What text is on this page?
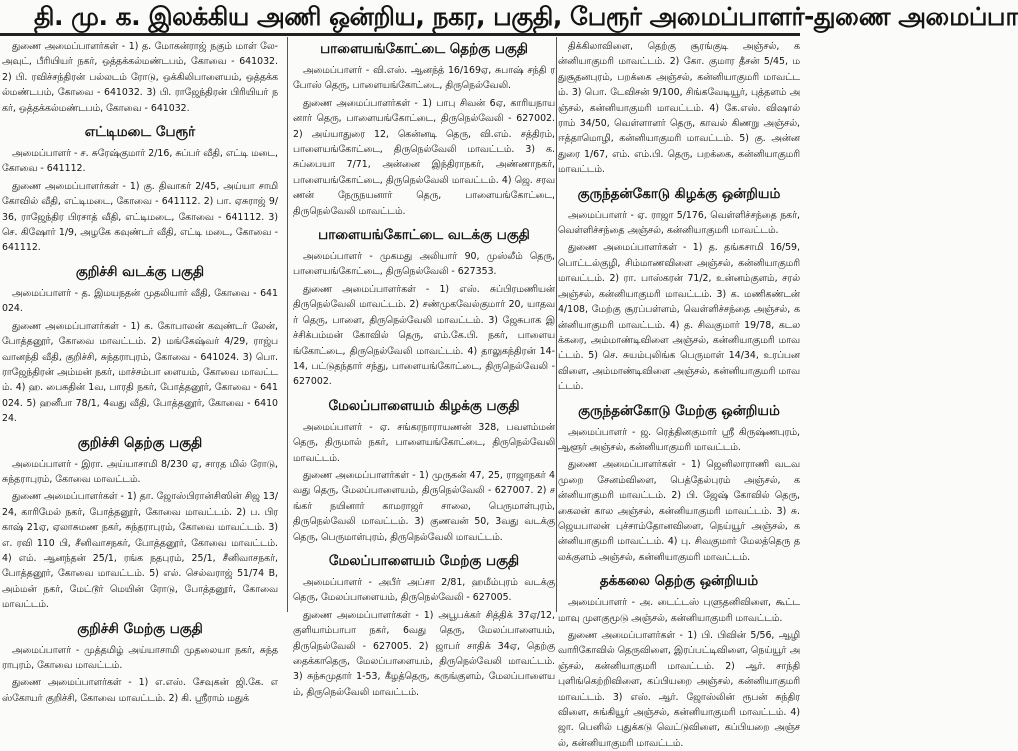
தி. மு. க. இலக்கிய அணி ஒன்றிய, நகர, பகுதி, பேரூர் அமைப்பாளர்-துணை அமைப்பா
துணை அமைப்பாளர்கள் - 1) த. மோகன்ராஜ் நகும் மாள் லே-அவுட், பீரியியர் நகர், ஒத்தக்கல்மண்டபம், கோவை - 641032. 2) பி. ரவிச்சந்திரன் பல்லடம் ரோடு, ஒக்கிலிபாளையம், ஒத்தக்கல்மண்டபம், கோவை - 641032. 3) பி. ராஜேந்திரன் பிரியியர் நகர், ஒத்தக்கல்மண்டபம், கோவை - 641032.
எட்டிமடை பேரூர்
அமைப்பாளர் - ச. சுரேஷ்குமார் 2/16, சுப்பர் வீதி, எட்டி மடை, கோவை - 641112.
துணை அமைப்பாளர்கள் - 1) கு. திவாகர் 2/45, அய்யா சாமி கோவில் வீதி, எட்டிமடை, கோவை - 641112. 2) பா. ஏசுராஜ் 9/36, ராஜேந்திர பிரசாத் வீதி, எட்டிமடை, கோவை - 641112. 3) செ. கிஷோர் 1/9, அழகே கவுண்டர் வீதி, எட்டி மடை, கோவை - 641112.
குறிச்சி வடக்கு பகுதி
அமைப்பாளர் - த. இமயநதன் முதலியார் வீதி, கோவை - 641024.
துணை அமைப்பாளர்கள் - 1) க. கோபாலன் கவுண்டர் லேன், போத்தனூர், கோவை மாவட்டம். 2) மங்கேஷ்வர் 4/29, ராஜ்பவானந்தி வீதி, குறிச்சி, சுந்தராபுரம், கோவை - 641024. 3) பொ. ராஜேந்திரன் அம்மன் நகர், மாச்சம்பா ளையம், கோவை மாவட்டம். 4) ஹ. பைசுதின் 1வ, பாரதி நகர், போத்தனூர், கோவை - 641024. 5) ஹனீபா 78/1, 4வது வீதி, போத்தனூர், கோவை - 641024.
குறிச்சி தெற்கு பகுதி
அமைப்பாளர் - இரா. அய்யாசாமி 8/230 ஏ, சாரத மில் ரோடு, சுந்தராபுரம், கோவை மாவட்டம்.
துணை அமைப்பாளர்கள் - 1) தா. ஜோஸ்பிரான்சிஸின் சிஜ 13/24, காரிமேல் நகர், போத்தனூர், கோவை மாவட்டம். 2) ப. பிரகாஷ் 21ஏ, ஏலாசுமண நகர், சுந்தராபுரம், கோவை மாவட்டம். 3) எ. ரவி 110 பி, சீனிவாசநகர், போத்தனூர், கோவை மாவட்டம். 4) எம். ஆனந்தன் 25/1, ரங்க நதபுரம், 25/1, சீனிவாசநகர், போத்தனூர், கோவை மாவட்டம். 5) எல். செல்வராஜ் 51/74 B, அம்மன் நகர், மேட்டூர் மெயின் ரோடு, போத்தனூர், கோவை மாவட்டம்.
குறிச்சி மேற்கு பகுதி
அமைப்பாளர் - முத்தமிழ் அய்யாசாமி முதலையா நகர், சுந்தராபுரம், கோவை மாவட்டம்.
துணை அமைப்பாளர்கள் - 1) எ.எஸ். சேவுகன் ஜி.கே. எஸ்கோயர் குறிச்சி, கோவை மாவட்டம். 2) கி. ஸ்ரீராம் மதுக்
பாளையங்கோட்டை தெற்கு பகுதி
அமைப்பாளர் - வி.எஸ். ஆனந்த் 16/169ஏ, சுபாஷ் சந்தி ரபோஸ் தெரு, பாளையங்கோட்டை, திருநெல்வேலி.
துணை அமைப்பாளர்கள் - 1) பாபு சிவன் 6ஏ, காரியநாயனார் தெரு, பாளையங்கோட்டை, திருநெல்வேலி - 627002. 2) அய்யாதுரை 12, கென்னடி தெரு, வி.எம். சத்திரம், பாளையங்கோட்டை, திருநெல்வேலி மாவட்டம். 3) க. சுப்பையா 7/71, அன்னை இந்திராநகர், அண்ணாநகர், பாளையங்கோட்டை, திருநெல்வேலி மாவட்டம். 4) ஜெ. சரவணன் நேருநயனார் தெரு, பாளையங்கோட்டை, திருநெல்வேலி மாவட்டம்.
பாளையங்கோட்டை வடக்கு பகுதி
அமைப்பாளர் - முகமது அலியார் 90, முஸ்லீம் தெரு, பாளையங்கோட்டை, திருநெல்வேலி - 627353.
துணை அமைப்பாளர்கள் - 1) எஸ். சுப்பிரமணியன் திருநெல்வேலி மாவட்டம். 2) சண்முகவேல்குமார் 20, யாதவர் தெரு, பாளை, திருநெல்வேலி மாவட்டம். 3) ஜேசுபாக இச்சிக்பம்மன் கோவில் தெரு, எம்.கே.பி. நகர், பாளையங்கோட்டை, திருநெல்வேலி மாவட்டம். 4) தாலுகந்திரன் 14-14, பட்டுதந்தார் சந்து, பாளையங்கோட்டை, திருநெல்வேலி - 627002.
மேலப்பாளையம் கிழக்கு பகுதி
அமைப்பாளர் - ஏ. சங்கரநாராயணன் 328, பவளம்மன் தெரு, திருமால் நகர், பாளையங்கோட்டை, திருநெல்வேலி மாவட்டம்.
துணை அமைப்பாளர்கள் - 1) முருகன் 47, 25, ராஜாநகர் 4வது தெரு, மேலப்பாளையம், திருநெல்வேலி - 627007. 2) சங்கர் நயினார் காமராஜர் சாலை, பெருமாள்புரம், திருநெல்வேலி மாவட்டம். 3) குணவன் 50, 3வது வடக்கு தெரு, பெருமாள்புரம், திருநெல்வேலி மாவட்டம்.
மேலப்பாளையம் மேற்கு பகுதி
அமைப்பாளர் - அபீர் அப்சா 2/81, ஹமீம்புரம் வடக்கு தெரு, மேலப்பாளையம், திருநெல்வேலி - 627005.
துணை அமைப்பாளர்கள் - 1) அபூபக்கர் சித்திக் 37ஏ/12, குளியாம்பாபா நகர், 6வது தெரு, மேலப்பாளையம், திருநெல்வேலி - 627005. 2) ஜாபர் சாதிக் 34ஏ, தெற்கு தைக்காதெரு, மேலப்பாளையம், திருநெல்வேலி மாவட்டம். 3) சுந்சுமுதார் 1-53, கீழத்தெரு, கருங்குளம், மேலப்பாளையம், திருநெல்வேலி மாவட்டம்.
திக்கிலாவிளை, தெற்கு சூரங்குடி அஞ்சல், கன்னியாகுமரி மாவட்டம். 2) கோ. குமார தீசன் 5/45, மதுசூதனபுரம், பறக்கை அஞ்சல், கன்னியாகுமரி மாவட்டம். 3) பொ. டேவிசன் 9/100, சிங்கவேடியூர், புத்தளம் அஞ்சல், கன்னியாகுமரி மாவட்டம். 4) கே.எஸ். விஷால் ராம் 34/50, வெள்ளாளர் தெரு, காவல் கிணறு அஞ்சல், ஈத்தாமொழி, கன்னியாகுமரி மாவட்டம். 5) கு. அன்னதுரை 1/67, எம். எம்.பி. தெரு, பறக்கை, கன்னியாகுமரி மாவட்டம்.
குருந்தன்கோடு கிழக்கு ஒன்றியம்
அமைப்பாளர் - ஏ. ராஜா 5/176, வெள்ளிச்சந்தை நகர், வெள்ளிச்சந்தை அஞ்சல், கன்னியாகுமரி மாவட்டம்.
துணை அமைப்பாளர்கள் - 1) த. தங்கசாமி 16/59, பொட்டல்குழி, சிம்மாணவிளை அஞ்சல், கன்னியாகுமரி மாவட்டம். 2) ரா. பாஸ்கரன் 71/2, உன்னம்குளம், சரல் அஞ்சல், கன்னியாகுமரி மாவட்டம். 3) க. மணிகண்டன் 4/108, மேற்கு சூரப்பள்ளம், வெள்ளிச்சந்தை அஞ்சல், கன்னியாகுமரி மாவட்டம். 4) த. சிவகுமார் 19/78, கடலக்கரை, அம்மாண்டிவிளை அஞ்சல், கன்னியாகுமரி மாவட்டம். 5) செ. சுயம்புலிங்க பெருமாள் 14/34, உரப்பனவிளை, அம்மாண்டிவிளை அஞ்சல், கன்னியாகுமரி மாவட்டம்.
குருந்தன்கோடு மேற்கு ஒன்றியம்
அமைப்பாளர் - ஜ. ரெத்தினகுமார் ஸ்ரீ கிருஷ்ணபுரம், ஆளூர் அஞ்சல், கன்னியாகுமரி மாவட்டம்.
துணை அமைப்பாளர்கள் - 1) ஜெனிலாராணி வடவ முறை சேனம்விளை, பெத்தேல்புரம் அஞ்சல், கன்னியாகுமரி மாவட்டம். 2) பி. ஜேஷ் கோவில் தெரு, கைலன் கால அஞ்சல், கன்னியாகுமரி மாவட்டம். 3) சு. ஜெயபாலன் புச்சாம்தோனவிளை, நெய்யூர் அஞ்சல், கன்னியாகுமரி மாவட்டம். 4) பு. சிவகுமார் மேலத்தெரு தலக்குளம் அஞ்சல், கன்னியாகுமரி மாவட்டம்.
தக்கலை தெற்கு ஒன்றியம்
அமைப்பாளர் - அ. டைட்டஸ் புளுதனிவிளை, கூட்டமாவு முளகுமூடு அஞ்சல், கன்னியாகுமரி மாவட்டம்.
துணை அமைப்பாளர்கள் - 1) பி. பிவின் 5/56, ஆழி வாரிகோவில் தெருவிளை, இரப்பட்டிவிளை, நெய்யூர் அஞ்சல், கன்னியாகுமரி மாவட்டம். 2) ஆர். சாந்தி புளிங்கெற்றிவிளை, கப்பியறை அஞ்சல், கன்னியாகுமரி மாவட்டம். 3) எஸ். ஆர். ஜோஸ்லின் ரூபன் சுந்திரவிளை, சுங்கியூர் அஞ்சல், கன்னியாகுமரி மாவட்டம். 4) ஜா. பெனில் புதுக்கடு வெட்டுவிளை, கப்பியறை அஞ்சல், கன்னியாகுமரி மாவட்டம்.
